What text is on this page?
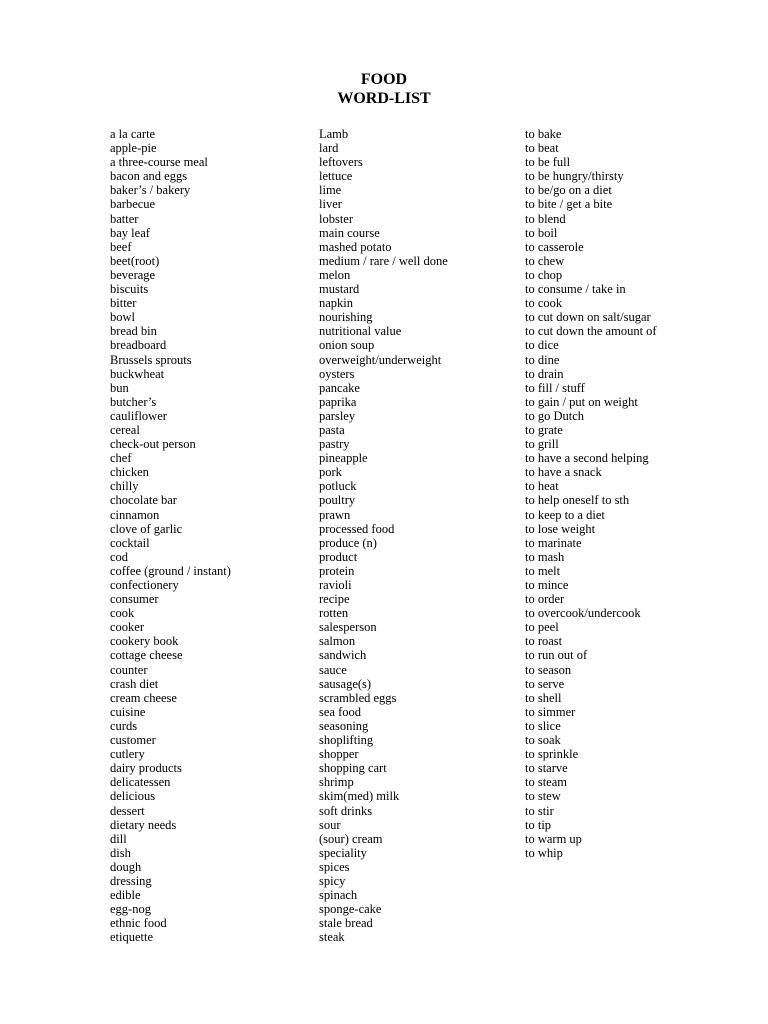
FOOD
WORD-LIST
a la carte
apple-pie
a three-course meal
bacon and eggs
baker’s / bakery
barbecue
batter
bay leaf
beef
beet(root)
beverage
biscuits
bitter
bowl
bread bin
breadboard
Brussels sprouts
buckwheat
bun
butcher’s
cauliflower
cereal
check-out person
chef
chicken
chilly
chocolate bar
cinnamon
clove of garlic
cocktail
cod
coffee (ground / instant)
confectionery
consumer
cook
cooker
cookery book
cottage cheese
counter
crash diet
cream cheese
cuisine
curds
customer
cutlery
dairy products
delicatessen
delicious
dessert
dietary needs
dill
dish
dough
dressing
edible
egg-nog
ethnic food
etiquette
Lamb
lard
leftovers
lettuce
lime
liver
lobster
main course
mashed potato
medium / rare / well done
melon
mustard
napkin
nourishing
nutritional value
onion soup
overweight/underweight
oysters
pancake
paprika
parsley
pasta
pastry
pineapple
pork
potluck
poultry
prawn
processed food
produce (n)
product
protein
ravioli
recipe
rotten
salesperson
salmon
sandwich
sauce
sausage(s)
scrambled eggs
sea food
seasoning
shoplifting
shopper
shopping cart
shrimp
skim(med) milk
soft drinks
sour
(sour) cream
speciality
spices
spicy
spinach
sponge-cake
stale bread
steak
to bake
to beat
to be full
to be hungry/thirsty
to be/go on a diet
to bite / get a bite
to blend
to boil
to casserole
to chew
to chop
to consume / take in
to cook
to cut down on salt/sugar
to cut down the amount of
to dice
to dine
to drain
to fill / stuff
to gain / put on weight
to go Dutch
to grate
to grill
to have a second helping
to have a snack
to heat
to help oneself to sth
to keep to a diet
to lose weight
to marinate
to mash
to melt
to mince
to order
to overcook/undercook
to peel
to roast
to run out of
to season
to serve
to shell
to simmer
to slice
to soak
to sprinkle
to starve
to steam
to stew
to stir
to tip
to warm up
to whip
